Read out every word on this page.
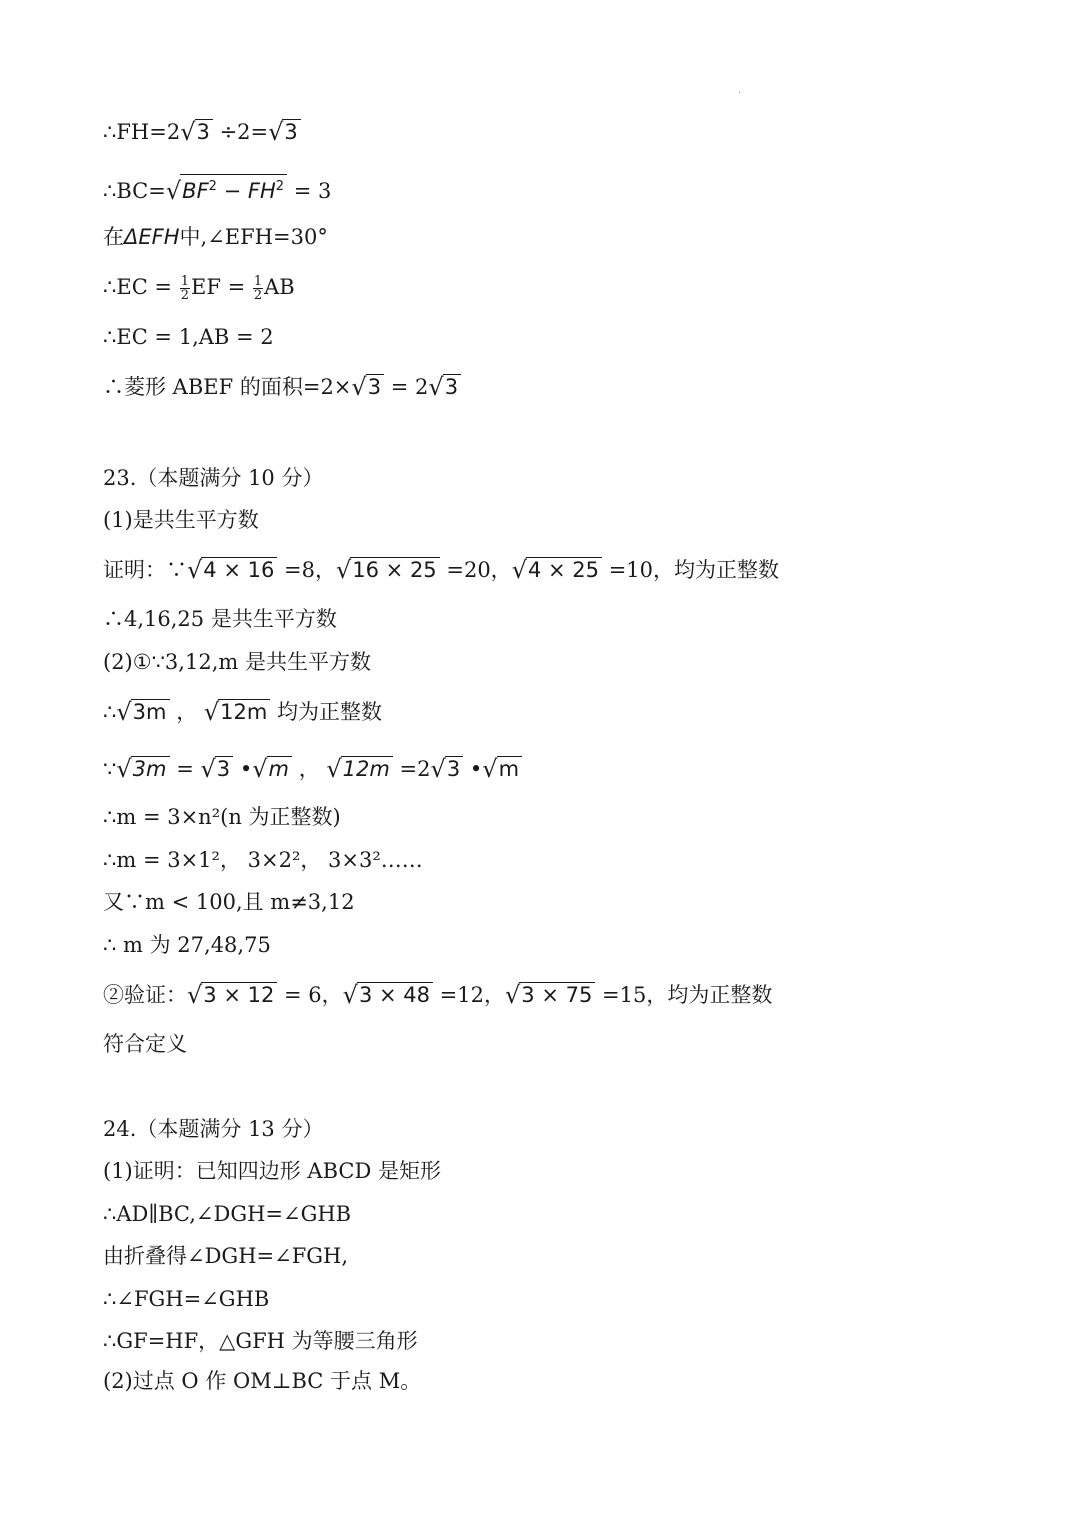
∴FH=2√3 ÷2=√3
$\therefore BC=√BF^2 - FH^2 = 3$
在ΔEFH中,∠EFH=30°
∴EC = $\frac{1}{2}$ EF = $\frac{1}{2}$ AB
∴EC = 1,AB = 2
∴菱形 ABEF 的面积=2×√3 = 2√3
23.（本题满分 10 分）
(1)是共生平方数
证明：∵√4 × 16 =8，√16 × 25 =20，√4 × 25 =10，均为正整数
∴4,16,25 是共生平方数
(2)①∵3,12,m 是共生平方数
∴√3m ， √12m 均为正整数
∵√3m = √3 •√m ， √12m =2√3 •√m
∴m = 3×n²(n 为正整数)
∴m = 3×1²， 3×2²， 3×3²……
又∵m < 100,且 m≠3,12
∴ m 为 27,48,75
②验证：√3 × 12 = 6，√3 × 48 =12，√3 × 75 =15，均为正整数
符合定义
24.（本题满分 13 分）
(1)证明：已知四边形 ABCD 是矩形
∴AD∥BC,∠DGH=∠GHB
由折叠得∠DGH=∠FGH,
∴∠FGH=∠GHB
∴GF=HF，△GFH 为等腰三角形
(2)过点 O 作 OM⊥BC 于点 M。
